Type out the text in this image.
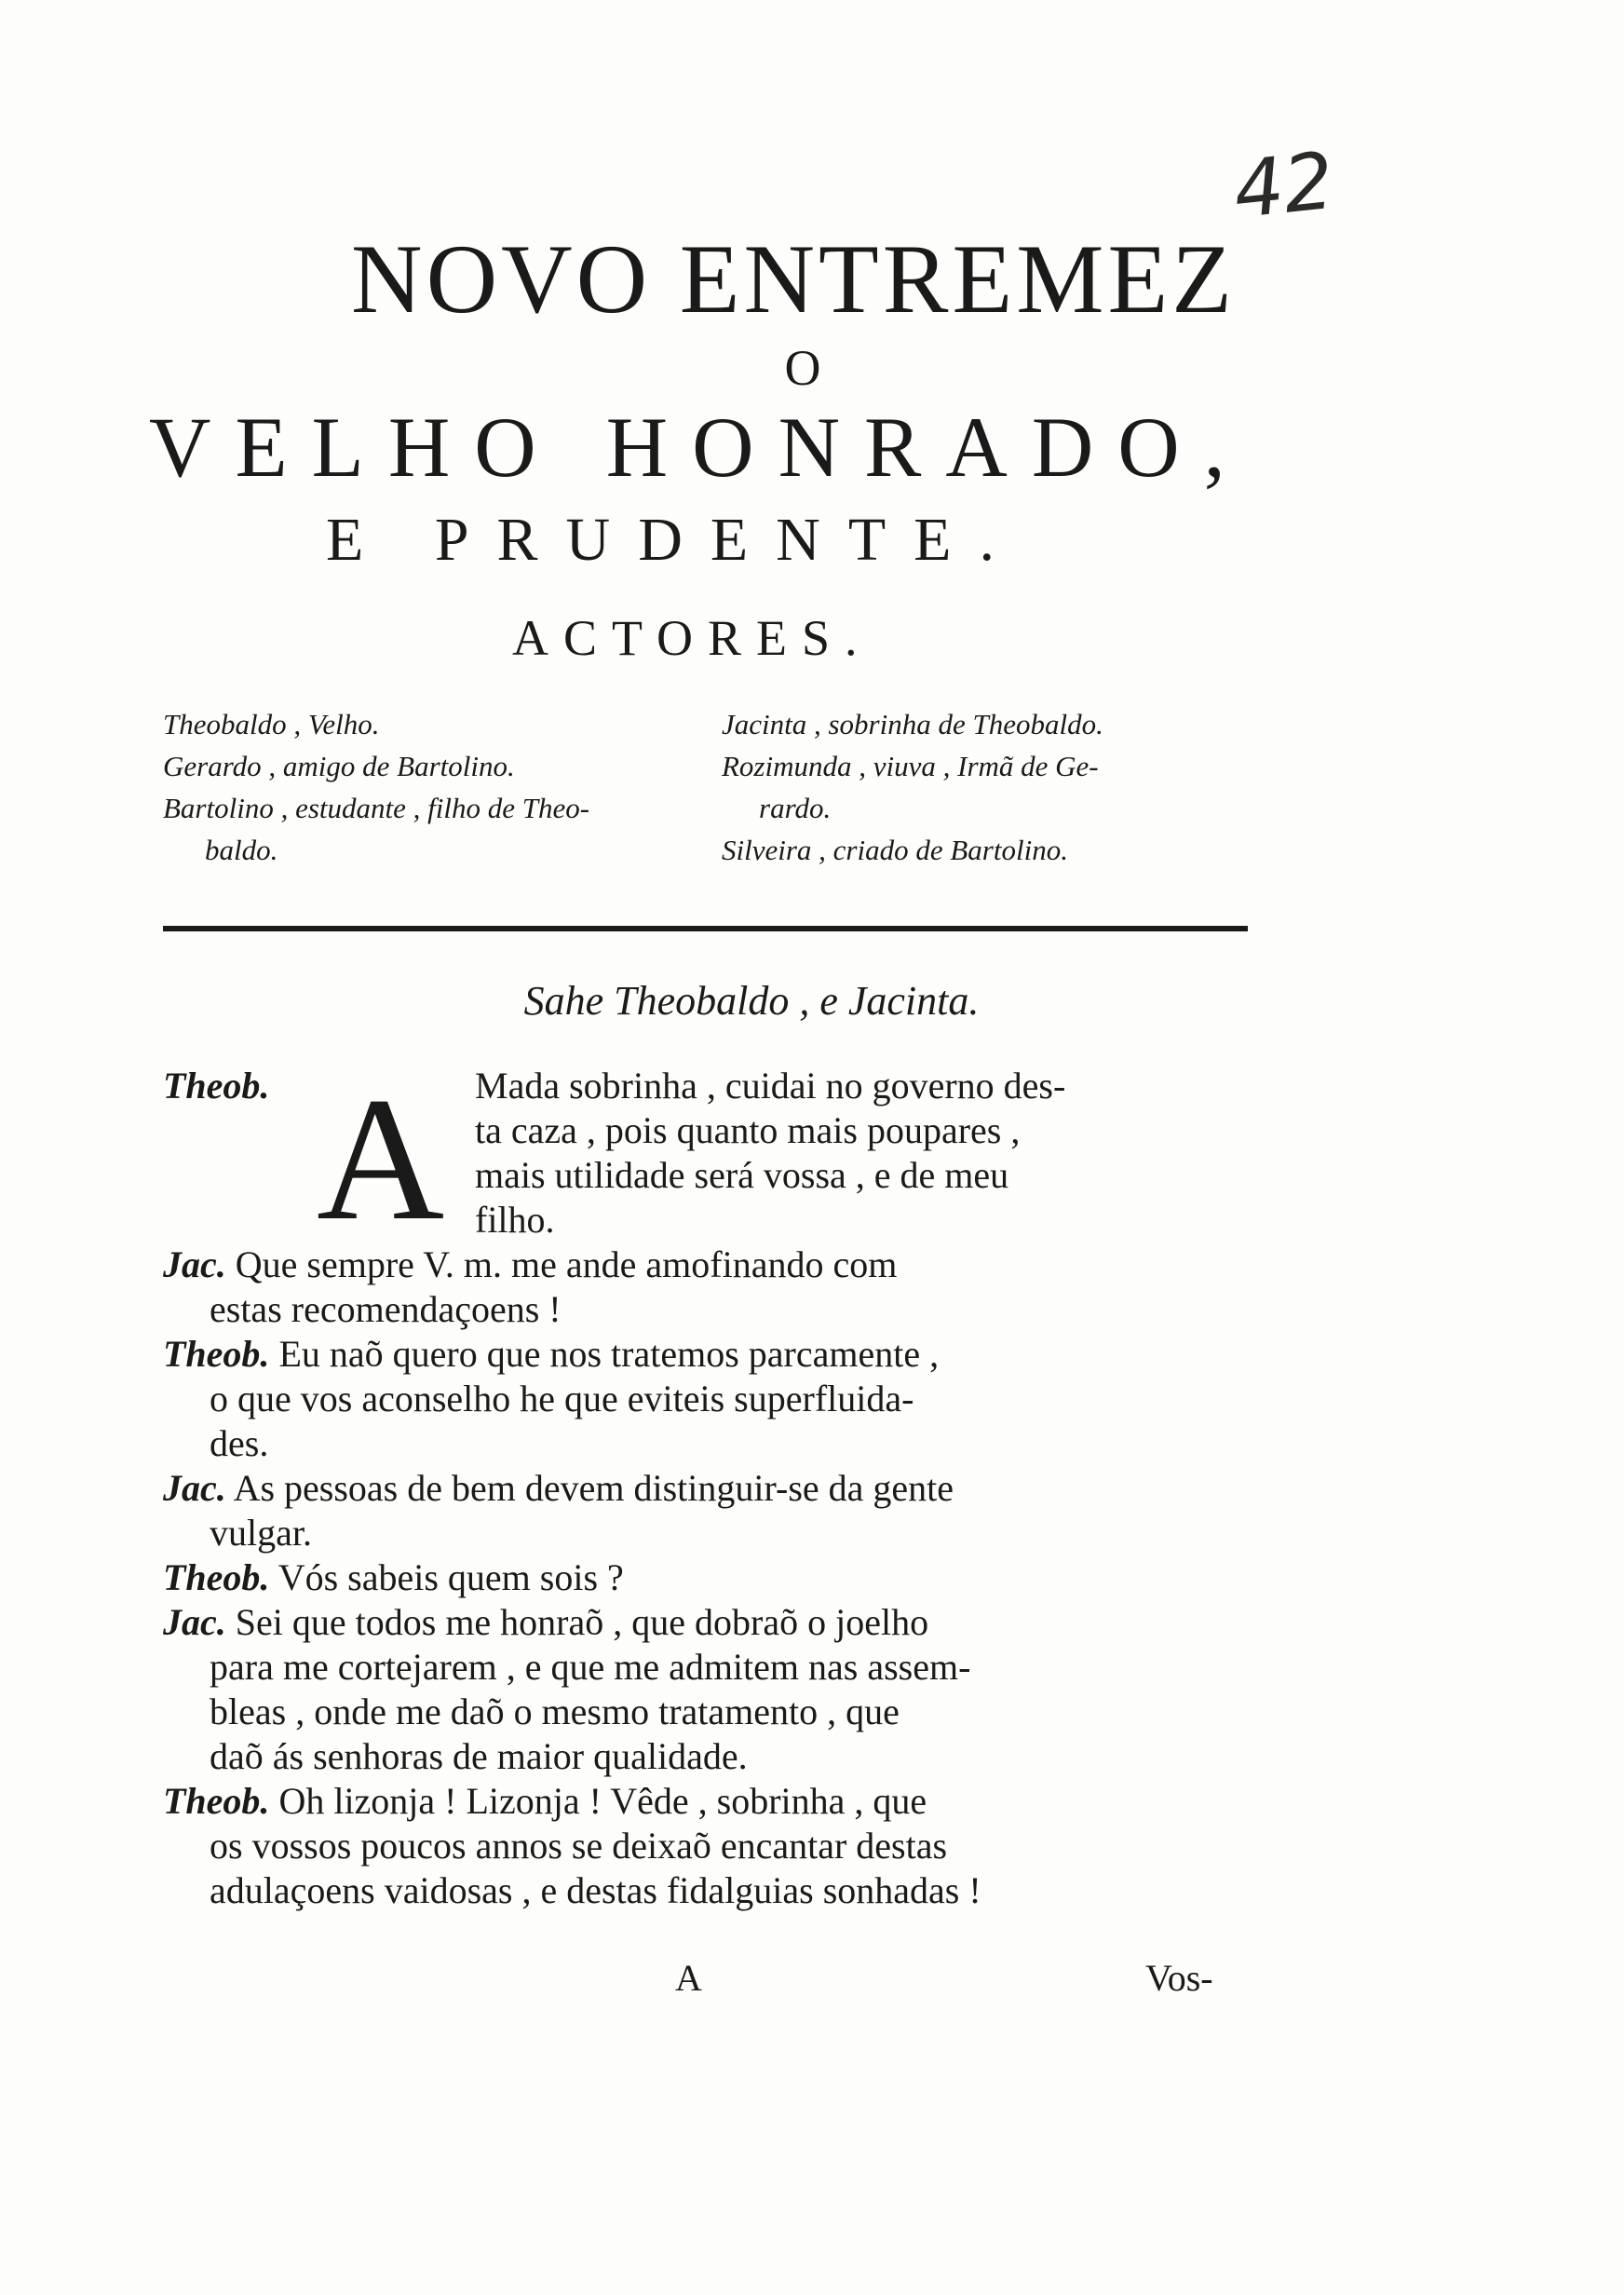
42
NOVO ENTREMEZ
O
VELHO HONRADO,
E PRUDENTE.
ACTORES.
Theobaldo , Velho.
Gerardo , amigo de Bartolino.
Bartolino , estudante , filho de Theo-
baldo.
Jacinta , sobrinha de Theobaldo.
Rozimunda , viuva , Irmã de Ge-
rardo.
Silveira , criado de Bartolino.
Sahe Theobaldo , e Jacinta.
Theob. A Mada sobrinha , cuidai no governo des-
ta caza , pois quanto mais poupares ,
mais utilidade será vossa , e de meu
filho.
Jac. Que sempre V. m. me ande amofinando com
estas recomendaçoens !
Theob. Eu naõ quero que nos tratemos parcamente ,
o que vos aconselho he que eviteis superfluida-
des.
Jac. As pessoas de bem devem distinguir-se da gente
vulgar.
Theob. Vós sabeis quem sois ?
Jac. Sei que todos me honraõ , que dobraõ o joelho
para me cortejarem , e que me admitem nas assem-
bleas , onde me daõ o mesmo tratamento , que
daõ ás senhoras de maior qualidade.
Theob. Oh lizonja ! Lizonja ! Vêde , sobrinha , que
os vossos poucos annos se deixaõ encantar destas
adulaçoens vaidosas , e destas fidalguias sonhadas !
A	Vos-
